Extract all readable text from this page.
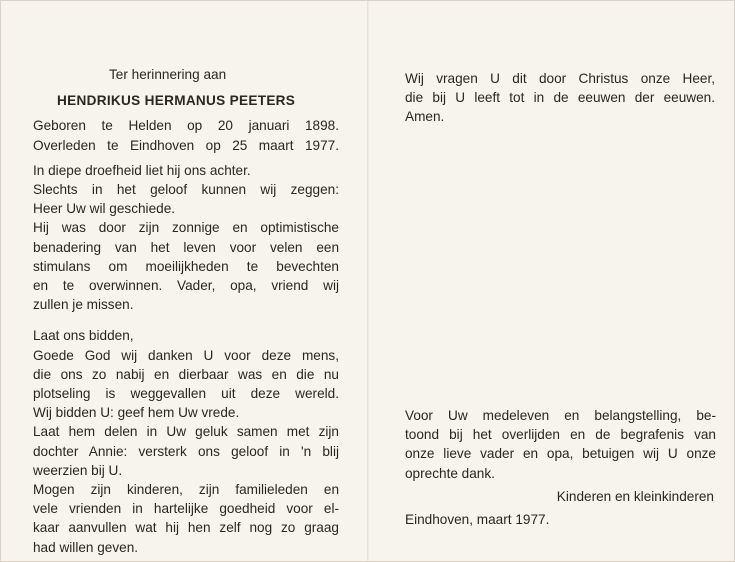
Ter herinnering aan
HENDRIKUS HERMANUS PEETERS
Geboren te Helden op 20 januari 1898.
Overleden te Eindhoven op 25 maart 1977.
In diepe droefheid liet hij ons achter.
Slechts in het geloof kunnen wij zeggen:
Heer Uw wil geschiede.
Hij was door zijn zonnige en optimistische
benadering van het leven voor velen een
stimulans om moeilijkheden te bevechten
en te overwinnen. Vader, opa, vriend wij
zullen je missen.
Laat ons bidden,
Goede God wij danken U voor deze mens,
die ons zo nabij en dierbaar was en die nu
plotseling is weggevallen uit deze wereld.
Wij bidden U: geef hem Uw vrede.
Laat hem delen in Uw geluk samen met zijn
dochter Annie: versterk ons geloof in 'n blij
weerzien bij U.
Mogen zijn kinderen, zijn familieleden en
vele vrienden in hartelijke goedheid voor el-
kaar aanvullen wat hij hen zelf nog zo graag
had willen geven.
Wij vragen U dit door Christus onze Heer,
die bij U leeft tot in de eeuwen der eeuwen.
Amen.
Voor Uw medeleven en belangstelling, be-
toond bij het overlijden en de begrafenis van
onze lieve vader en opa, betuigen wij U onze
oprechte dank.
Kinderen en kleinkinderen
Eindhoven, maart 1977.
